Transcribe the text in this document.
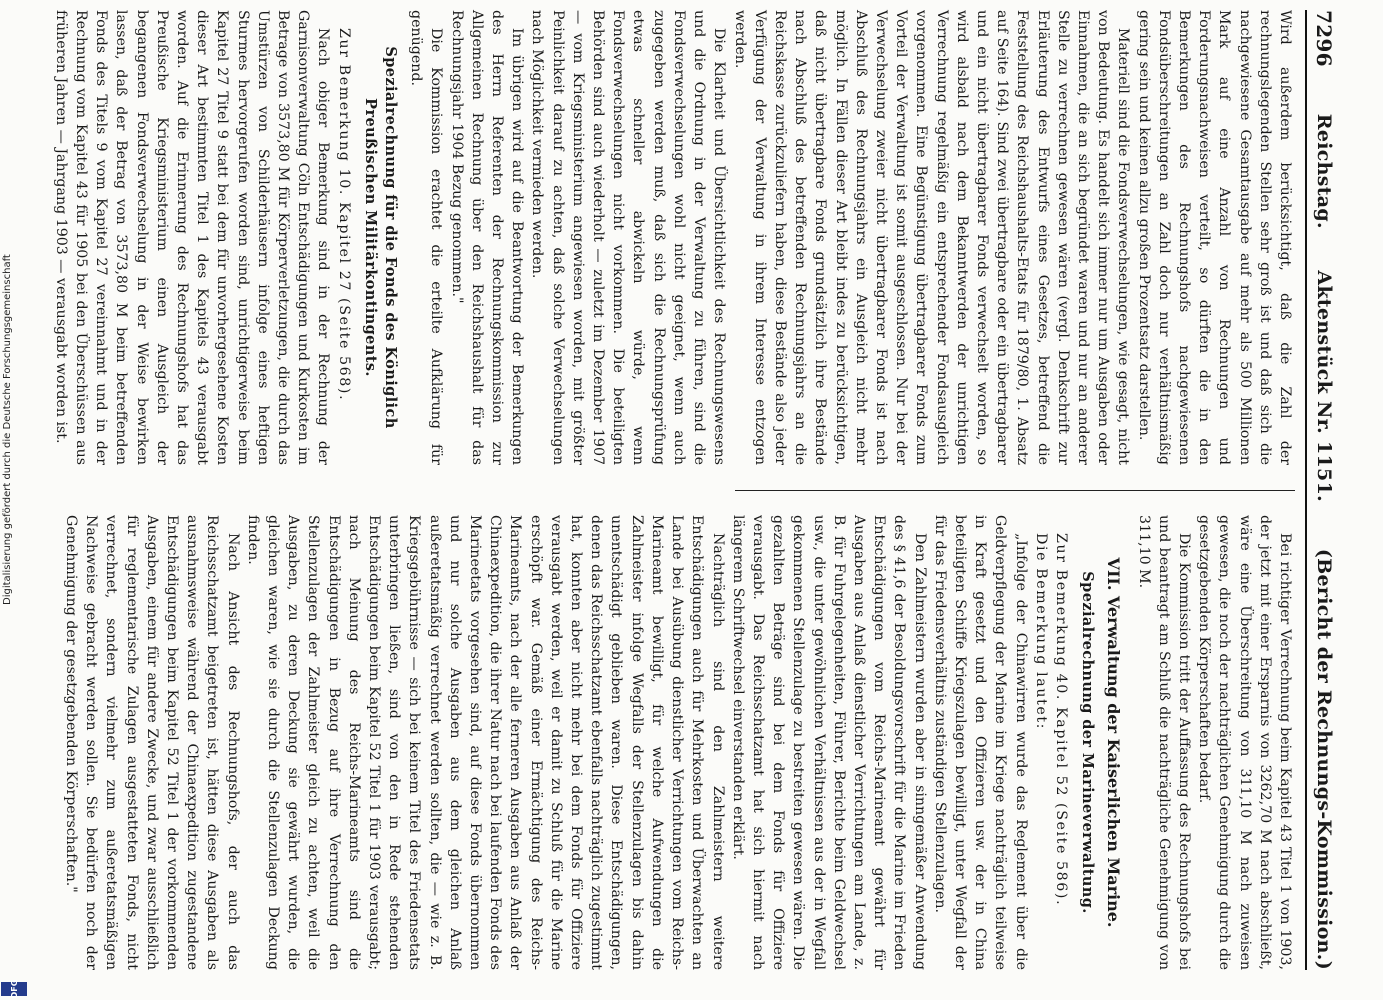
7296
Reichstag.      Aktenstück Nr. 1151.
(Bericht der Rechnungs-Kommission.)

Wird außerdem berücksichtigt, daß die Zahl der rechnungslegenden Stellen sehr groß ist und daß sich die nachgewiesene Gesamtausgabe auf mehr als 500 Millionen Mark auf eine Anzahl von Rechnungen und Forderungsnachweisen verteilt, so dürften die in den Bemerkungen des Rechnungshofs nachgewiesenen Fondsüberschreitungen an Zahl doch nur verhältnismäßig gering sein und keinen allzu großen Prozentsatz darstellen.

Materiell sind die Fondsverwechselungen, wie gesagt, nicht von Bedeutung. Es handelt sich immer nur um Ausgaben oder Einnahmen, die an sich begründet waren und nur an anderer Stelle zu verrechnen gewesen wären (vergl. Denkschrift zur Erläuterung des Entwurfs eines Gesetzes, betreffend die Feststellung des Reichshaushalts-Etats für 1879/80, 1. Absatz auf Seite 164). Sind zwei übertragbare oder ein übertragbarer und ein nicht übertragbarer Fonds verwechselt worden, so wird alsbald nach dem Bekanntwerden der unrichtigen Verrechnung regelmäßig ein entsprechender Fondsausgleich vorgenommen. Eine Begünstigung übertragbarer Fonds zum Vorteil der Verwaltung ist somit ausgeschlossen. Nur bei der Verwechselung zweier nicht übertragbarer Fonds ist nach Abschluß des Rechnungsjahrs ein Ausgleich nicht mehr möglich. In Fällen dieser Art bleibt indes zu berücksichtigen, daß nicht übertragbare Fonds grundsätzlich ihre Bestände nach Abschluß des betreffenden Rechnungsjahrs an die Reichskasse zurückzuliefern haben, diese Bestände also jeder Verfügung der Verwaltung in ihrem Interesse entzogen werden.

Die Klarheit und Übersichtlichkeit des Rechnungswesens und die Ordnung in der Verwaltung zu führen, sind die Fondsverwechselungen wohl nicht geeignet, wenn auch zugegeben werden muß, daß sich die Rechnungsprüfung etwas schneller abwickeln würde, wenn Fondsverwechselungen nicht vorkommen. Die beteiligten Behörden sind auch wiederholt — zuletzt im Dezember 1907 — vom Kriegsministerium angewiesen worden, mit größter Peinlichkeit darauf zu achten, daß solche Verwechselungen nach Möglichkeit vermieden werden.

Im übrigen wird auf die Beantwortung der Bemerkungen des Herrn Referenten der Rechnungskommission zur Allgemeinen Rechnung über den Reichshaushalt für das Rechnungsjahr 1904 Bezug genommen."

Die Kommission erachtet die erteilte Aufklärung für genügend.

Spezialrechnung für die Fonds des Königlich Preußischen Militärkontingents.

Zur Bemerkung 10. Kapitel 27 (Seite 568).

Nach obiger Bemerkung sind in der Rechnung der Garnisonverwaltung Cöln Entschädigungen und Kurkosten im Betrage von 3573,80 M für Körperverletzungen, die durch das Umstürzen von Schilderhäusern infolge eines heftigen Sturmes hervorgerufen worden sind, unrichtigerweise beim Kapitel 27 Titel 9 statt bei dem für unvorhergesehene Kosten dieser Art bestimmten Titel 1 des Kapitels 43 verausgabt worden. Auf die Erinnerung des Rechnungshofs hat das Preußische Kriegsministerium einen Ausgleich der begangenen Fondsverwechselung in der Weise bewirken lassen, daß der Betrag von 3573,80 M beim betreffenden Fonds des Titels 9 vom Kapitel 27 vereinnahmt und in der Rechnung vom Kapitel 43 für 1905 bei den Überschüssen aus früheren Jahren — Jahrgang 1903 — verausgabt worden ist.

Bei richtiger Verrechnung beim Kapitel 43 Titel 1 von 1903, der jetzt mit einer Ersparnis von 3262,70 M nach abschließt, wäre eine Überschreitung von 311,10 M nach zuweisen gewesen, die noch der nachträglichen Genehmigung durch die gesetzgebenden Körperschaften bedarf.

Die Kommission tritt der Auffassung des Rechnungshofs bei und beantragt am Schluß die nachträgliche Genehmigung von 311,10 M.

VII. Verwaltung der Kaiserlichen Marine.
Spezialrechnung der Marineverwaltung.

Zur Bemerkung 40. Kapitel 52 (Seite 586).

Die Bemerkung lautet:

„Infolge der Chinawirren wurde das Reglement über die Geldverpflegung der Marine im Kriege nachträglich teilweise in Kraft gesetzt und den Offizieren usw. der in China beteiligten Schiffe Kriegszulagen bewilligt, unter Wegfall der für das Friedensverhältnis zuständigen Stellenzulagen.

Den Zahlmeistern wurden aber in sinngemäßer Anwendung des § 41,6 der Besoldungsvorschrift für die Marine im Frieden Entschädigungen vom Reichs-Marineamt gewährt für Ausgaben aus Anlaß dienstlicher Verrichtungen am Lande, z. B. für Fuhrgelegenheiten, Führer, Berichte beim Geldwechsel usw., die unter gewöhnlichen Verhältnissen aus der in Wegfall gekommenen Stellenzulage zu bestreiten gewesen wären. Die gezahlten Beträge sind bei dem Fonds für Offiziere verausgabt. Das Reichsschatzamt hat sich hiermit nach längerem Schriftwechsel einverstanden erklärt.

Nachträglich sind den Zahlmeistern weitere Entschädigungen auch für Mehrkosten und Überwachten an Lande bei Ausübung dienstlicher Verrichtungen vom Reichs-Marineamt bewilligt, für welche Aufwendungen die Zahlmeister infolge Wegfalls der Stellenzulagen bis dahin unentschädigt geblieben waren. Diese Entschädigungen, denen das Reichsschatzamt ebenfalls nachträglich zugestimmt hat, konnten aber nicht mehr bei dem Fonds für Offiziere verausgabt werden, weil er damit zu Schluß für die Marine erschöpft war. Gemäß einer Ermächtigung des Reichs-Marineamts, nach der alle ferneren Ausgaben aus Anlaß der Chinaexpedition, die ihrer Natur nach bei laufenden Fonds des Marineetats vorgesehen sind, auf diese Fonds übernommen und nur solche Ausgaben aus dem gleichen Anlaß außeretatsmäßig verrechnet werden sollten, die — wie z. B. Kriegsgebührnisse — sich bei keinem Titel des Friedensetats unterbringen ließen, sind von den in Rede stehenden Entschädigungen beim Kapitel 52 Titel 1 für 1903 verausgabt; nach Meinung des Reichs-Marineamts sind die Entschädigungen in Bezug auf ihre Verrechnung den Stellenzulagen der Zahlmeister gleich zu achten, weil die Ausgaben, zu deren Deckung sie gewährt wurden, die gleichen waren, wie sie durch die Stellenzulagen Deckung finden.

Nach Ansicht des Rechnungshofs, der auch das Reichsschatzamt beigetreten ist, hätten diese Ausgaben als ausnahmsweise während der Chinaexpedition zugestandene Entschädigungen beim Kapitel 52 Titel 1 der vorkommenden Ausgaben, einem für andere Zwecke, und zwar ausschließlich für reglementarische Zulagen ausgestatteten Fonds, nicht verrechnet, sondern vielmehr zum außeretatsmäßigen Nachweise gebracht werden sollen. Sie bedürfen noch der Genehmigung der gesetzgebenden Körperschaften."

Digitalisierung gefördert durch die Deutsche Forschungsgemeinschaft
DFG
